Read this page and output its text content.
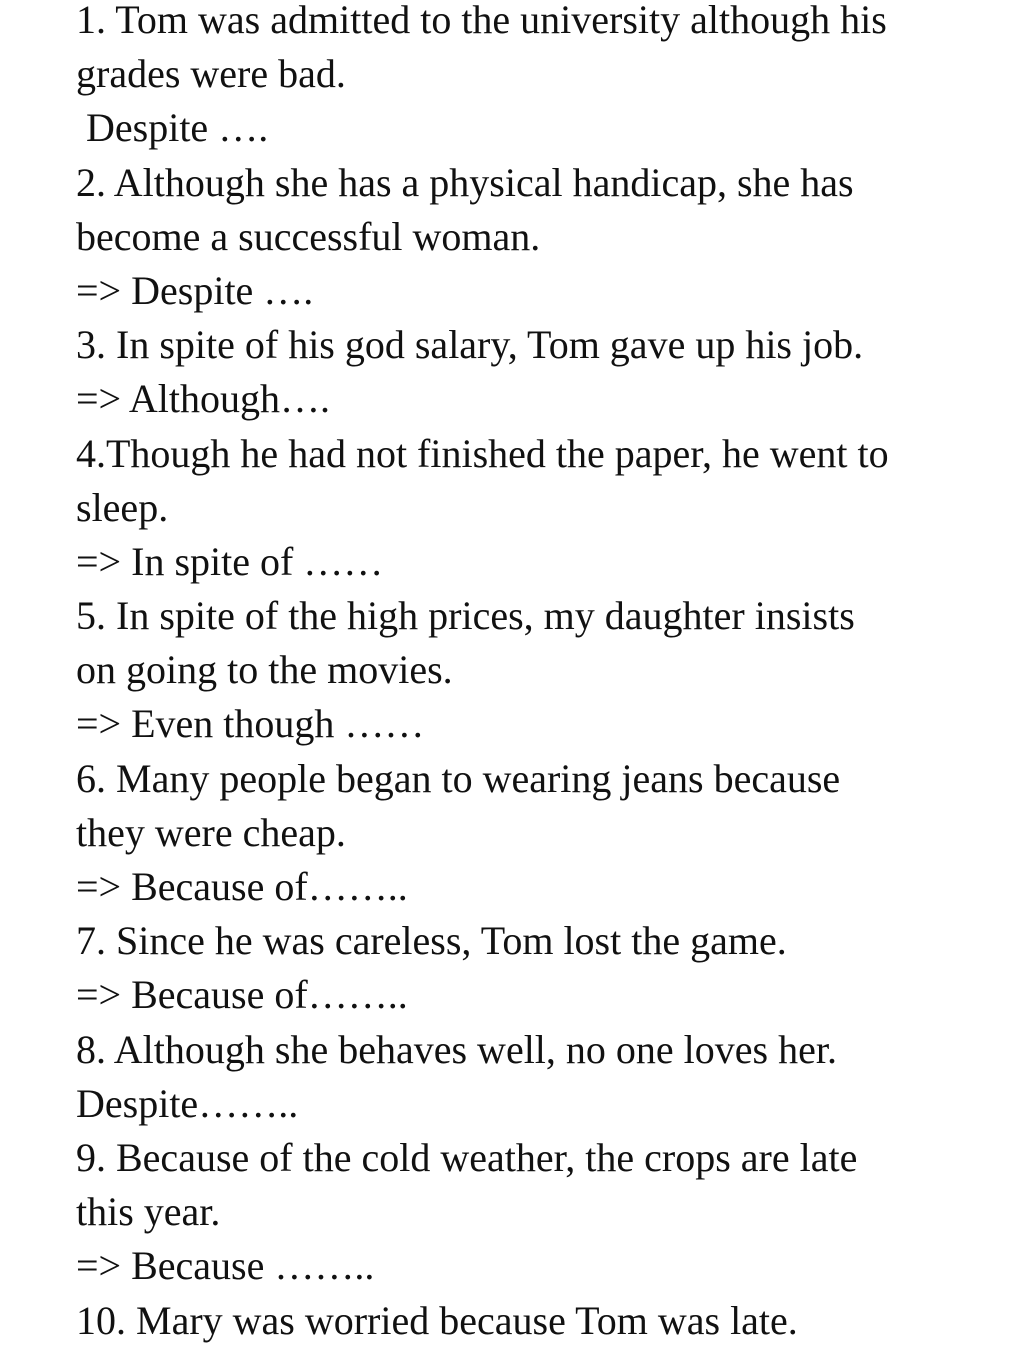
1. Tom was admitted to the university although his
grades were bad.
Despite ….
2. Although she has a physical handicap, she has
become a successful woman.
=> Despite ….
3. In spite of his god salary, Tom gave up his job.
=> Although….
4.Though he had not finished the paper, he went to
sleep.
=> In spite of ……
5. In spite of the high prices, my daughter insists
on going to the movies.
=> Even though ……
6. Many people began to wearing jeans because
they were cheap.
=> Because of……..
7. Since he was careless, Tom lost the game.
=> Because of……..
8. Although she behaves well, no one loves her.
Despite……..
9. Because of the cold weather, the crops are late
this year.
=> Because ……..
10. Mary was worried because Tom was late.
